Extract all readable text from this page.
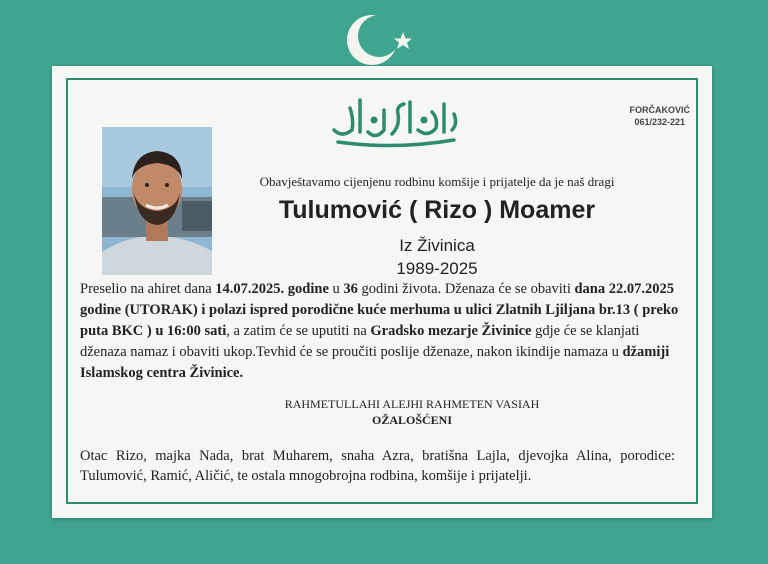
FORČAKOVIĆ
061/232-221
Obavještavamo cijenjenu rodbinu komšije i prijatelje da je naš dragi
Tulumović ( Rizo ) Moamer
Iz Živinica
1989-2025
Preselio na ahiret dana 14.07.2025. godine u 36 godini života. Dženaza će se obaviti dana 22.07.2025 godine (UTORAK) i polazi ispred porodične kuće merhuma u ulici Zlatnih Ljiljana br.13 ( preko puta BKC ) u 16:00 sati, a zatim će se uputiti na Gradsko mezarje Živinice gdje će se klanjati dženaza namaz i obaviti ukop.Tevhid će se proučiti poslije dženaze, nakon ikindije namaza u džamiji Islamskog centra Živinice.
RAHMETULLAHI ALEJHI RAHMETEN VASIAH
OŽALOŠĆENI
Otac Rizo, majka Nada, brat Muharem, snaha Azra, bratišna Lajla, djevojka Alina, porodice: Tulumović, Ramić, Aličić, te ostala mnogobrojna rodbina, komšije i prijatelji.
